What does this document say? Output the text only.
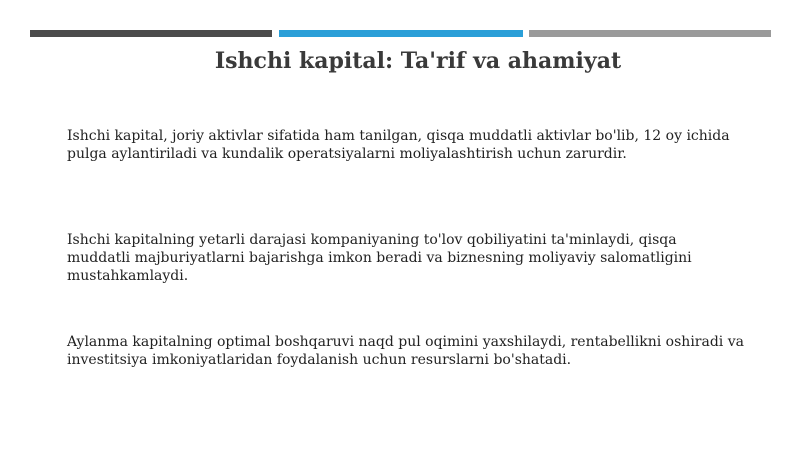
Ishchi kapital: Ta'rif va ahamiyat

Ishchi kapital, joriy aktivlar sifatida ham tanilgan, qisqa muddatli aktivlar bo'lib, 12 oy ichida pulga aylantiriladi va kundalik operatsiyalarni moliyalashtirish uchun zarurdir.

Ishchi kapitalning yetarli darajasi kompaniyaning to'lov qobiliyatini ta'minlaydi, qisqa muddatli majburiyatlarni bajarishga imkon beradi va biznesning moliyaviy salomatligini mustahkamlaydi.

Aylanma kapitalning optimal boshqaruvi naqd pul oqimini yaxshilaydi, rentabellikni oshiradi va investitsiya imkoniyatlaridan foydalanish uchun resurslarni bo'shatadi.
